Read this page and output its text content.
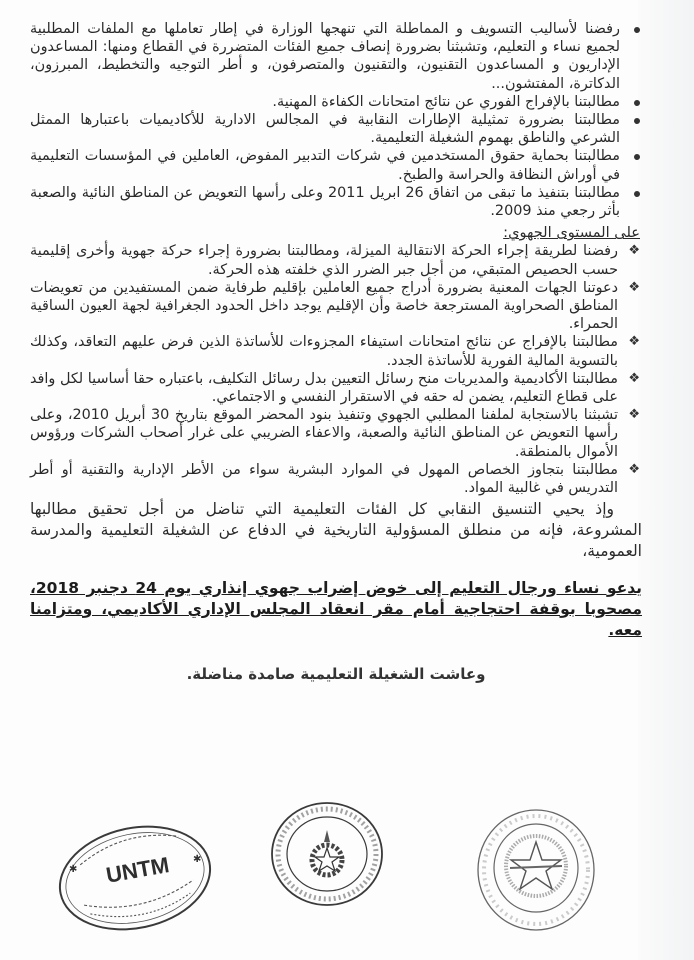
رفضنا لأساليب التسويف و المماطلة التي تنهجها الوزارة في إطار تعاملها مع الملفات المطلبية لجميع نساء و التعليم، وتشبثنا بضرورة إنصاف جميع الفئات المتضررة في القطاع ومنها: المساعدون الإداريون و المساعدون التقنيون، والتقنيون والمتصرفون، و أطر التوجيه والتخطيط، المبرزون، الدكاترة، المفتشون...
مطالبتنا بالإفراج الفوري عن نتائج امتحانات الكفاءة المهنية.
مطالبتنا بضرورة تمثيلية الإطارات النقابية في المجالس الادارية للأكاديميات باعتبارها الممثل الشرعي والناطق بهموم الشغيلة التعليمية.
مطالبتنا بحماية حقوق المستخدمين في شركات التدبير المفوض، العاملين في المؤسسات التعليمية في أوراش النظافة والحراسة والطبخ.
مطالبتنا بتنفيذ ما تبقى من اتفاق 26 ابريل 2011 وعلى رأسها التعويض عن المناطق النائية والصعبة بأثر رجعي منذ 2009.
على المستوى الجهوي:
❖
رفضنا لطريقة إجراء الحركة الانتقالية الميزلة، ومطالبتنا بضرورة إجراء حركة جهوية وأخرى إقليمية حسب الحصيص المتبقي، من أجل جبر الضرر الذي خلفته هذه الحركة.
❖
دعوتنا الجهات المعنية بضرورة أدراج جميع العاملين بإقليم طرفاية ضمن المستفيدين من تعويضات المناطق الصحراوية المسترجعة خاصة وأن الإقليم يوجد داخل الحدود الجغرافية لجهة العيون الساقية الحمراء.
❖
مطالبتنا بالإفراج عن نتائج امتحانات استيفاء المجزوءات للأساتذة الذين فرض عليهم التعاقد، وكذلك بالتسوية المالية الفورية للأساتذة الجدد.
❖
مطالبتنا الأكاديمية والمديريات منح رسائل التعيين بدل رسائل التكليف، باعتباره حقا أساسيا لكل وافد على قطاع التعليم، يضمن له حقه في الاستقرار النفسي و الاجتماعي.
❖
تشبثنا بالاستجابة لملفنا المطلبي الجهوي وتنفيذ بنود المحضر الموقع بتاريخ 30 أبريل 2010، وعلى رأسها التعويض عن المناطق النائية والصعبة، والاعفاء الضريبي على غرار أصحاب الشركات ورؤوس الأموال بالمنطقة.
❖
مطالبتنا بتجاوز الخصاص المهول في الموارد البشرية سواء من الأطر الإدارية والتقنية أو أطر التدريس في غالبية المواد.

وإذ يحيي التنسيق النقابي كل الفئات التعليمية التي تناضل من أجل تحقيق مطالبها المشروعة، فإنه من منطلق المسؤولية التاريخية في الدفاع عن الشغيلة التعليمية والمدرسة العمومية،

يدعو نساء ورجال التعليم إلى خوض إضراب جهوي إنذاري يوم 24 دجنبر 2018، مصحوبا بوقفة احتجاجية أمام مقر انعقاد المجلس الإداري الأكاديمي، ومتزامنا معه.

وعاشت الشغيلة التعليمية صامدة مناضلة.
UNTM
✱
✱
